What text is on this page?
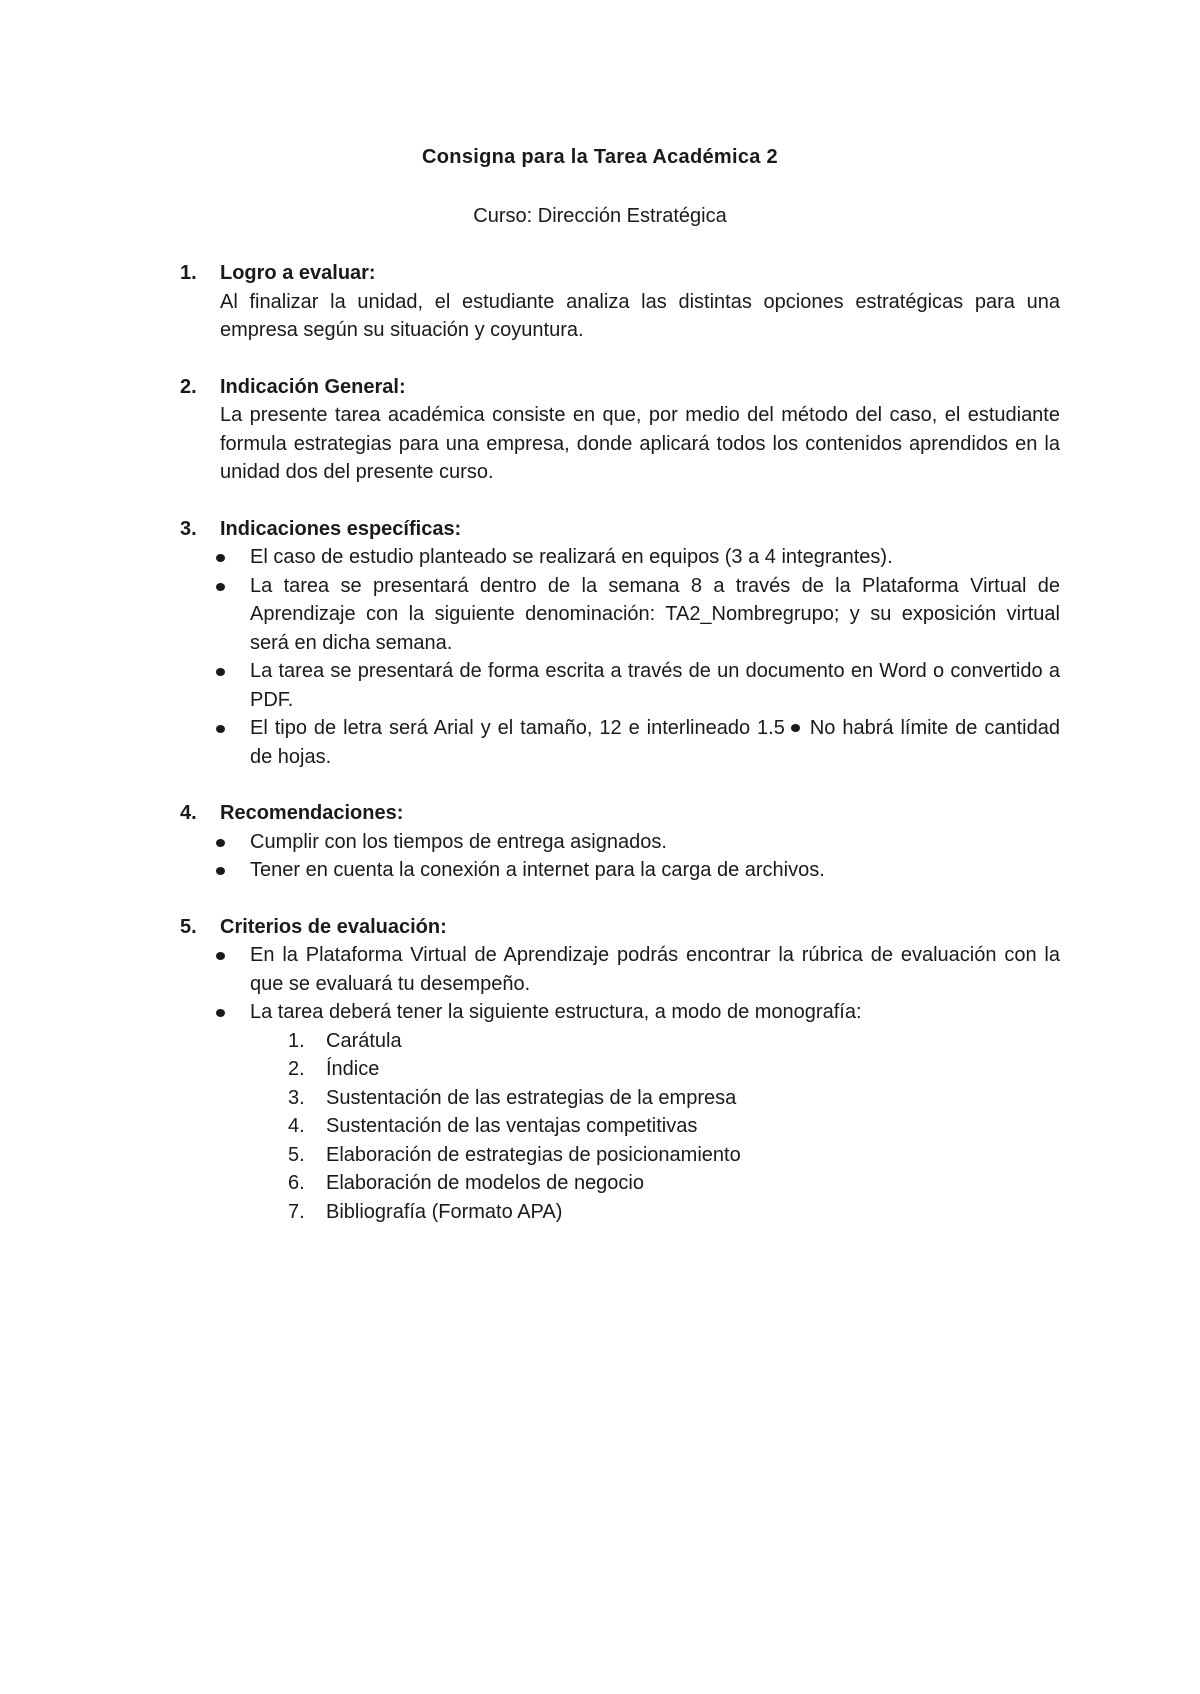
Consigna para la Tarea Académica 2
Curso: Dirección Estratégica
1. Logro a evaluar:
Al finalizar la unidad, el estudiante analiza las distintas opciones estratégicas para una empresa según su situación y coyuntura.
2. Indicación General:
La presente tarea académica consiste en que, por medio del método del caso, el estudiante formula estrategias para una empresa, donde aplicará todos los contenidos aprendidos en la unidad dos del presente curso.
3. Indicaciones específicas:
El caso de estudio planteado se realizará en equipos (3 a 4 integrantes).
La tarea se presentará dentro de la semana 8 a través de la Plataforma Virtual de Aprendizaje con la siguiente denominación: TA2_Nombregrupo; y su exposición virtual será en dicha semana.
La tarea se presentará de forma escrita a través de un documento en Word o convertido a PDF.
El tipo de letra será Arial y el tamaño, 12 e interlineado 1.5 No habrá límite de cantidad de hojas.
4. Recomendaciones:
Cumplir con los tiempos de entrega asignados.
Tener en cuenta la conexión a internet para la carga de archivos.
5. Criterios de evaluación:
En la Plataforma Virtual de Aprendizaje podrás encontrar la rúbrica de evaluación con la que se evaluará tu desempeño.
La tarea deberá tener la siguiente estructura, a modo de monografía:
1. Carátula
2. Índice
3. Sustentación de las estrategias de la empresa
4. Sustentación de las ventajas competitivas
5. Elaboración de estrategias de posicionamiento
6. Elaboración de modelos de negocio
7. Bibliografía (Formato APA)
